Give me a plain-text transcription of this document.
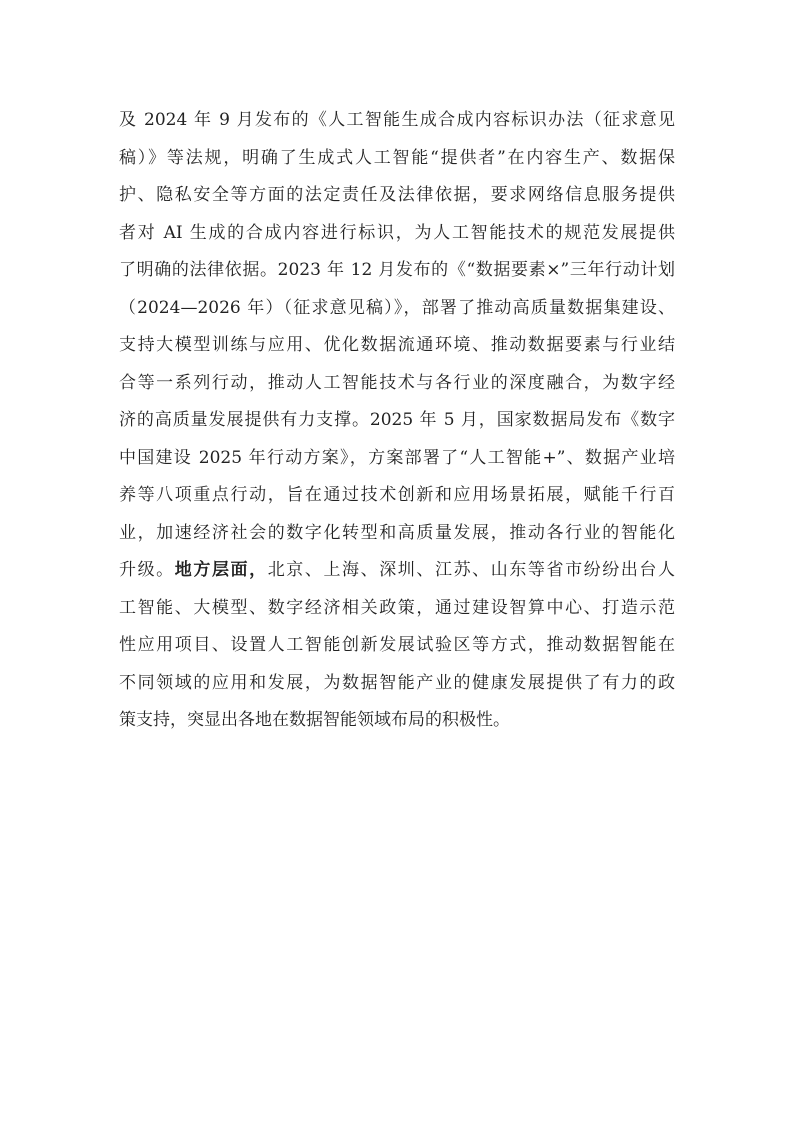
及 2024 年 9 月发布的《人工智能生成合成内容标识办法（征求意见
稿）》等法规，明确了生成式人工智能“提供者”在内容生产、数据保
护、隐私安全等方面的法定责任及法律依据，要求网络信息服务提供
者对 AI 生成的合成内容进行标识，为人工智能技术的规范发展提供
了明确的法律依据。2023 年 12 月发布的《“数据要素×”三年行动计划
（2024—2026 年）（征求意见稿）》，部署了推动高质量数据集建设、
支持大模型训练与应用、优化数据流通环境、推动数据要素与行业结
合等一系列行动，推动人工智能技术与各行业的深度融合，为数字经
济的高质量发展提供有力支撑。2025 年 5 月，国家数据局发布《数字
中国建设 2025 年行动方案》，方案部署了“人工智能+”、数据产业培
养等八项重点行动，旨在通过技术创新和应用场景拓展，赋能千行百
业，加速经济社会的数字化转型和高质量发展，推动各行业的智能化
升级。地方层面，北京、上海、深圳、江苏、山东等省市纷纷出台人
工智能、大模型、数字经济相关政策，通过建设智算中心、打造示范
性应用项目、设置人工智能创新发展试验区等方式，推动数据智能在
不同领域的应用和发展，为数据智能产业的健康发展提供了有力的政
策支持，突显出各地在数据智能领域布局的积极性。
